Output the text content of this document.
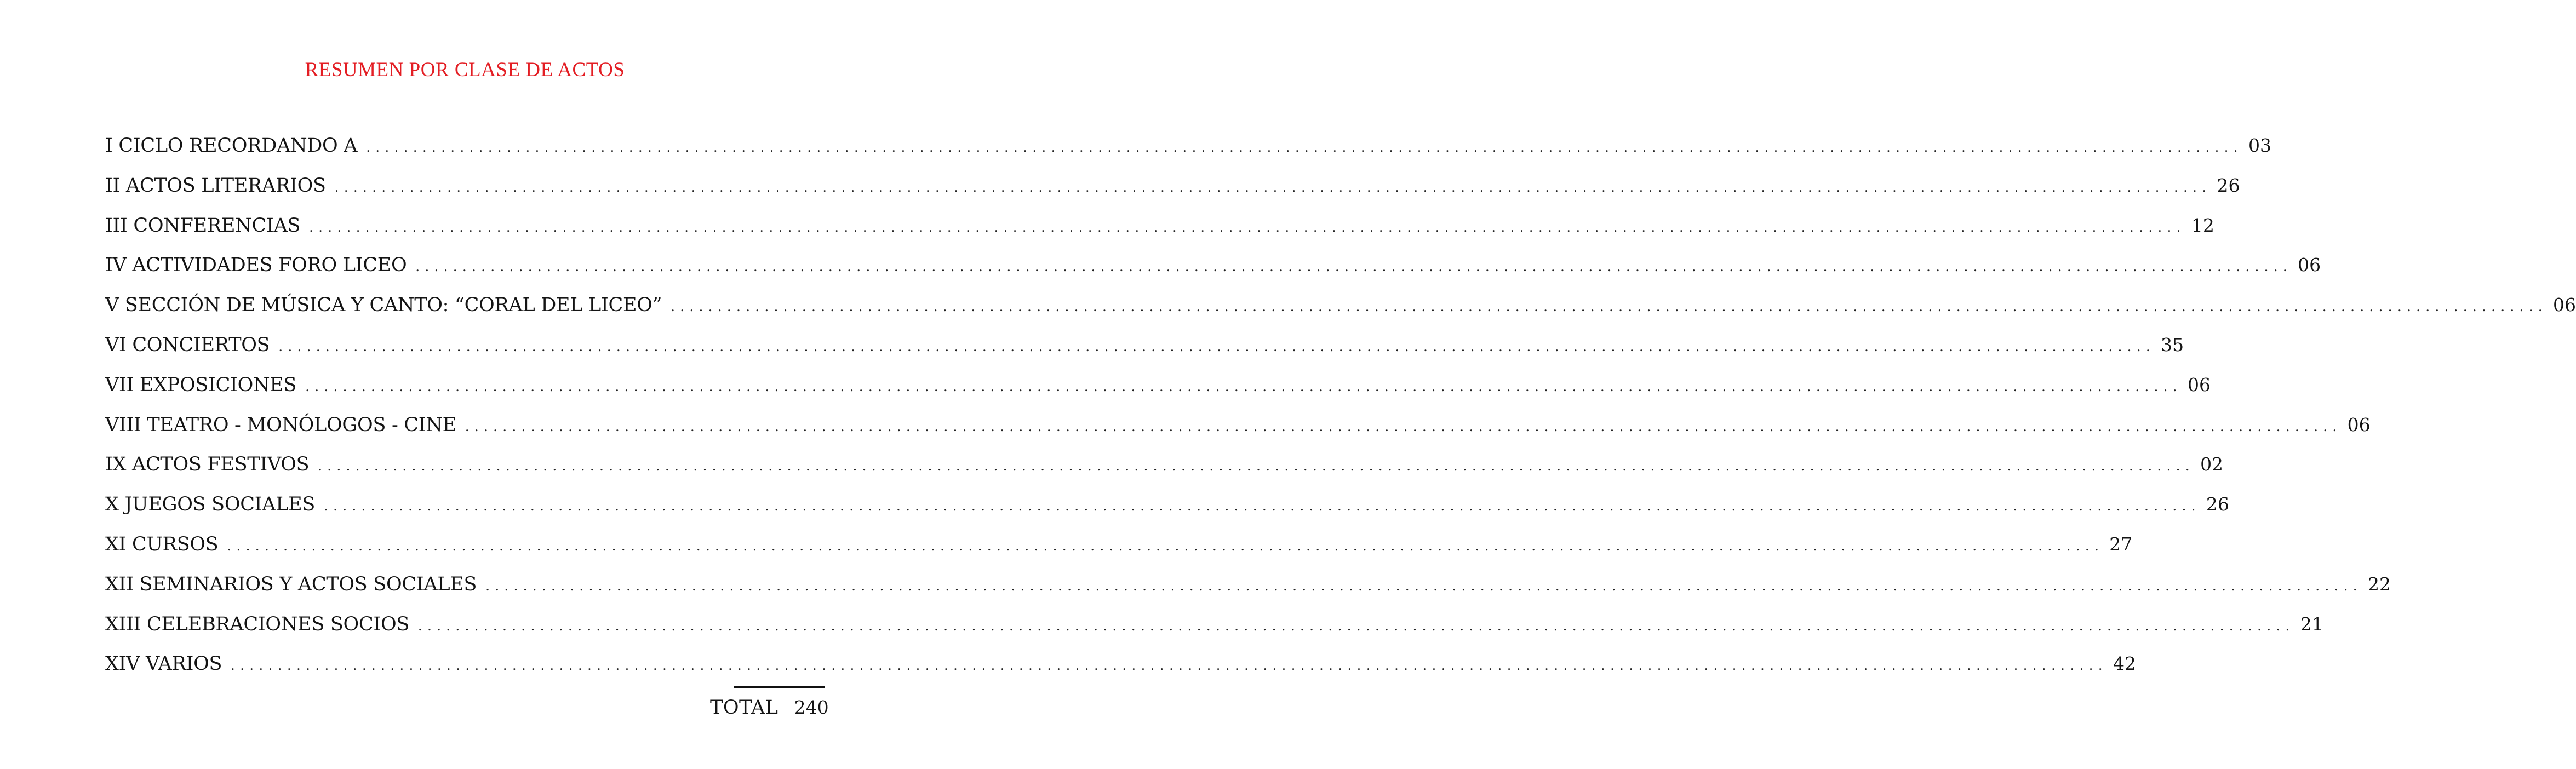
RESUMEN POR CLASE DE ACTOS
I CICLO RECORDANDO A ........................................................................................................................................................................................................ 03
II ACTOS LITERARIOS ........................................................................................................................................................................................................ 26
III CONFERENCIAS ........................................................................................................................................................................................................ 12
IV ACTIVIDADES FORO LICEO ........................................................................................................................................................................................................ 06
V SECCIÓN DE MÚSICA Y CANTO: “CORAL DEL LICEO” ........................................................................................................................................................................................................ 06
VI CONCIERTOS ........................................................................................................................................................................................................ 35
VII EXPOSICIONES ........................................................................................................................................................................................................ 06
VIII TEATRO - MONÓLOGOS - CINE ........................................................................................................................................................................................................ 06
IX ACTOS FESTIVOS ........................................................................................................................................................................................................ 02
X JUEGOS SOCIALES ........................................................................................................................................................................................................ 26
XI CURSOS ........................................................................................................................................................................................................ 27
XII SEMINARIOS Y ACTOS SOCIALES ........................................................................................................................................................................................................ 22
XIII CELEBRACIONES SOCIOS ........................................................................................................................................................................................................ 21
XIV VARIOS ........................................................................................................................................................................................................ 42
TOTAL 240
